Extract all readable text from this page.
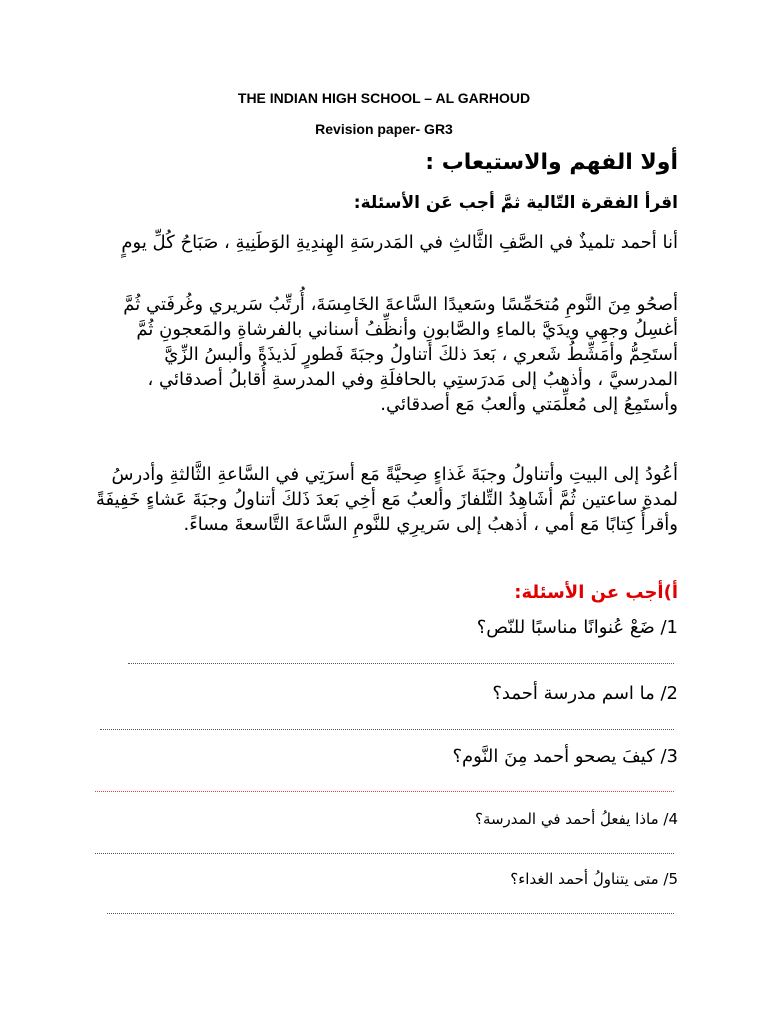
THE INDIAN HIGH SCHOOL – AL GARHOUD
Revision paper- GR3
أولا الفهم والاستيعاب :
اقرأ الفقرة التّالية ثمَّ أجب عَن الأسئلة:
أنا أحمد تلميذٌ في الصَّفِ الثَّالثِ في المَدرسَةِ الهِندِيةِ الوَطَنِيةِ ، صَبَاحُ كُلِّ يومٍ
أصحُو مِنَ النَّومِ مُتحَمِّسًا وسَعيدًا السَّاعةَ الخَامِسَةَ، أُرتِّبُ سَريري وغُرفَتي ثُمَّ أغسِلُ وجهِي ويدَيَّ بالماءِ والصَّابونِ وأنظِّفُ أسناني بالفرشاةِ والمَعجونِ ثُمَّ أستَحِمُّ وأمَشِّطُ شَعري ، بَعدَ ذلكَ أتناولُ وجبَةَ فَطورٍ لَذيذَةً وألبسُ الزِّيَّ المدرسيَّ ، وأذهبُ إلى مَدرَستِي بالحافلَةِ وفي المدرسةِ أُقابلُ أصدقائي ، وأستَمِعُ إلى مُعلِّمَتي وألعبُ مَع أصدقائي.
أعُودُ إلى البيتِ وأتناولُ وجبَةَ غَذاءٍ صِحيَّةً مَع أسرَتِي في السَّاعةِ الثَّالثةِ وأدرسُ لمدةِ ساعتين ثُمَّ أشَاهِدُ التِّلفازَ وألعبُ مَع أخِي بَعدَ ذَلكَ أتناولُ وجبَةَ عَشاءٍ خَفِيفَةً وأقرأُ كِتابًا مَع أمي ، أذهبُ إلى سَريرِي للنَّومِ السَّاعةَ التَّاسعةَ مساءً.
أ)أجب عن الأسئلة:
1/ ضَعْ عُنوانًا مناسبًا للنّص؟
2/ ما اسم مدرسة أحمد؟
3/ كيفَ يصحو أحمد مِنَ النَّوم؟
4/ ماذا يفعلُ أحمد في المدرسة؟
5/ متى يتناولُ أحمد الغداء؟
